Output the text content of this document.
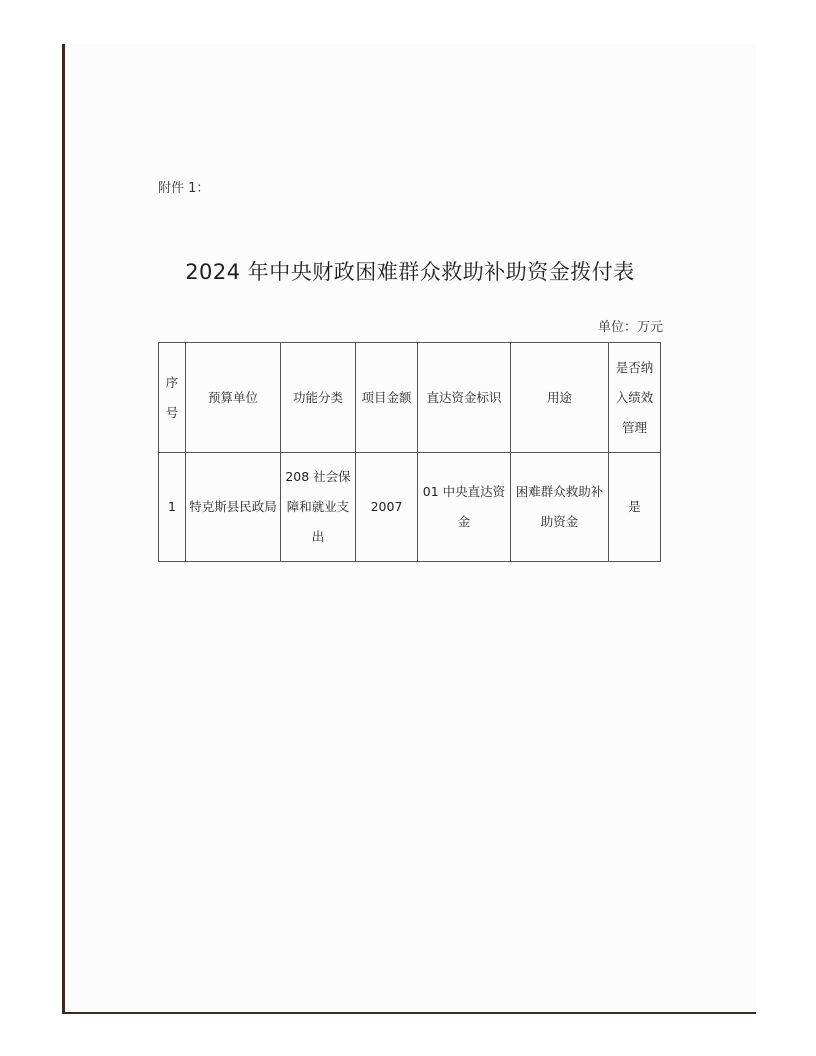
附件 1：
2024 年中央财政困难群众救助补助资金拨付表
单位：万元
序号	预算单位	功能分类	项目金额	直达资金标识	用途	是否纳入绩效管理
1	特克斯县民政局	208 社会保障和就业支出	2007	01 中央直达资金	困难群众救助补助资金	是
